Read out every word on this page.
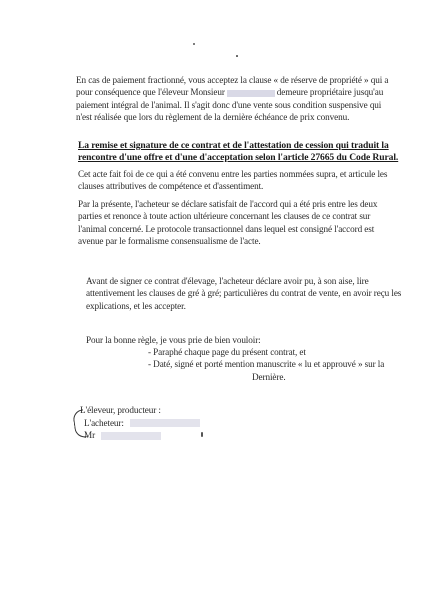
En cas de paiement fractionné, vous acceptez la clause « de réserve de propriété » qui a
pour conséquence que l'éleveur Monsieur	demeure propriétaire jusqu'au
paiement intégral de l'animal. Il s'agit donc d'une vente sous condition suspensive qui
n'est réalisée que lors du règlement de la dernière échéance de prix convenu.
La remise et signature de ce contrat et de l'attestation de cession qui traduit la
rencontre d'une offre et d'une d'acceptation selon l'article 27665 du Code Rural.
Cet acte fait foi de ce qui a été convenu entre les parties nommées supra, et articule les
clauses attributives de compétence et d'assentiment.
Par la présente, l'acheteur se déclare satisfait de l'accord qui a été pris entre les deux
parties et renonce à toute action ultérieure concernant les clauses de ce contrat sur
l'animal concerné. Le protocole transactionnel dans lequel est consigné l'accord est
avenue par le formalisme consensualisme de l'acte.
Avant de signer ce contrat d'élevage, l'acheteur déclare avoir pu, à son aise, lire
attentivement les clauses de gré à gré; particulières du contrat de vente, en avoir reçu les
explications, et les accepter.
Pour la bonne règle, je vous prie de bien vouloir:
- Paraphé chaque page du présent contrat, et
- Daté, signé et porté mention manuscrite « lu et approuvé » sur la
Dernière.
L'éleveur, producteur :
L'acheteur:
Mr
